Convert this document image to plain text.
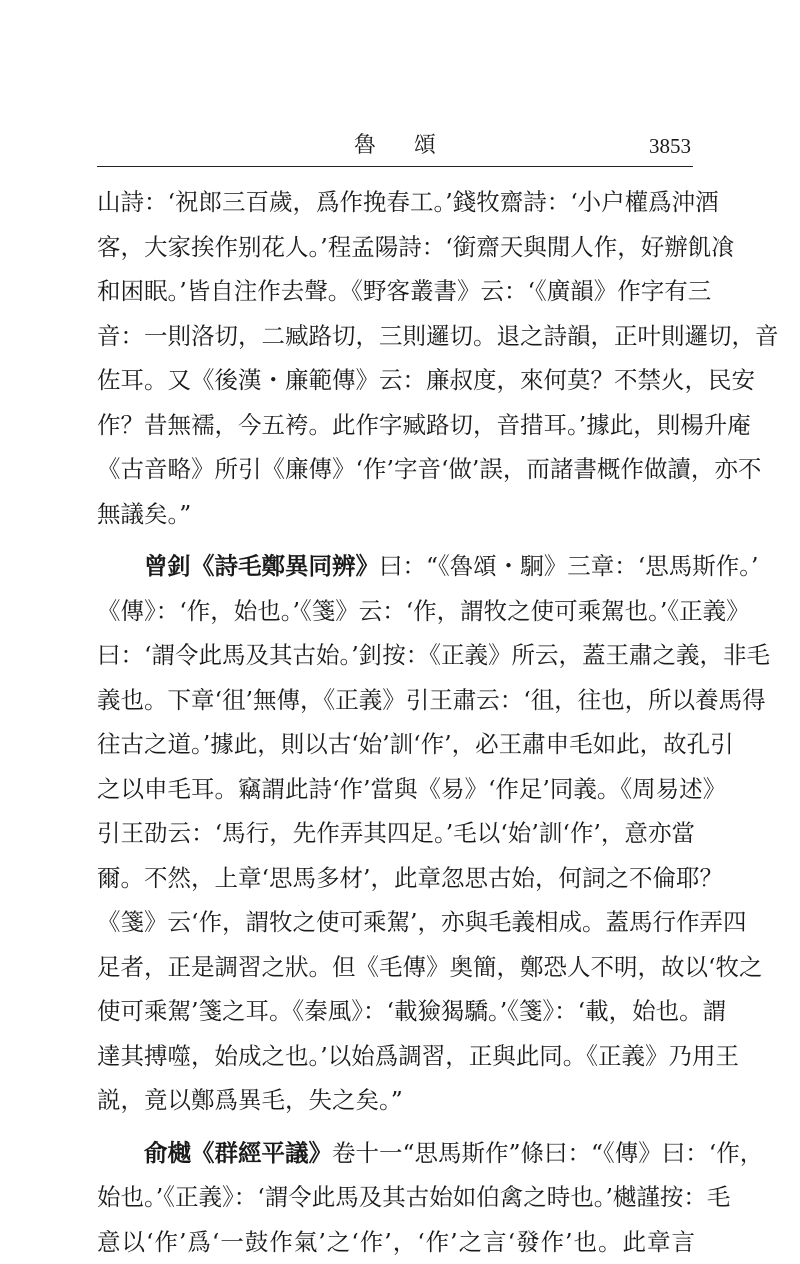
魯頌	3853
山詩：‘祝郎三百歲，爲作挽春工。’錢牧齋詩：‘小户權爲沖酒
客，大家挨作别花人。’程孟陽詩：‘銜齋天與閒人作，好辦飢飡
和困眠。’皆自注作去聲。《野客叢書》云：‘《廣韻》作字有三
音：一則洛切，二臧路切，三則邏切。退之詩韻，正叶則邏切，音
佐耳。又《後漢・廉範傳》云：廉叔度，來何莫？不禁火，民安
作？昔無襦，今五袴。此作字臧路切，音措耳。’據此，則楊升庵
《古音略》所引《廉傳》‘作’字音‘做’誤，而諸書概作做讀，亦不
無議矣。”
曾釗《詩毛鄭異同辨》曰：“《魯頌・駉》三章：‘思馬斯作。’
《傳》：‘作，始也。’《箋》云：‘作，謂牧之使可乘駕也。’《正義》
曰：‘謂令此馬及其古始。’釗按：《正義》所云，蓋王肅之義，非毛
義也。下章‘徂’無傳，《正義》引王肅云：‘徂，往也，所以養馬得
往古之道。’據此，則以古‘始’訓‘作’，必王肅申毛如此，故孔引
之以申毛耳。竊謂此詩‘作’當與《易》‘作足’同義。《周易述》
引王劭云：‘馬行，先作弄其四足。’毛以‘始’訓‘作’，意亦當
爾。不然，上章‘思馬多材’，此章忽思古始，何詞之不倫耶？
《箋》云‘作，謂牧之使可乘駕’，亦與毛義相成。蓋馬行作弄四
足者，正是調習之狀。但《毛傳》奥簡，鄭恐人不明，故以‘牧之
使可乘駕’箋之耳。《秦風》：‘載獫猲驕。’《箋》：‘載，始也。謂
達其搏噬，始成之也。’以始爲調習，正與此同。《正義》乃用王
説，竟以鄭爲異毛，失之矣。”
俞樾《群經平議》卷十一“思馬斯作”條曰：“《傳》曰：‘作，
始也。’《正義》：‘謂令此馬及其古始如伯禽之時也。’樾謹按：毛
意以‘作’爲‘一鼓作氣’之‘作’，‘作’之言‘發作’也。此章言
